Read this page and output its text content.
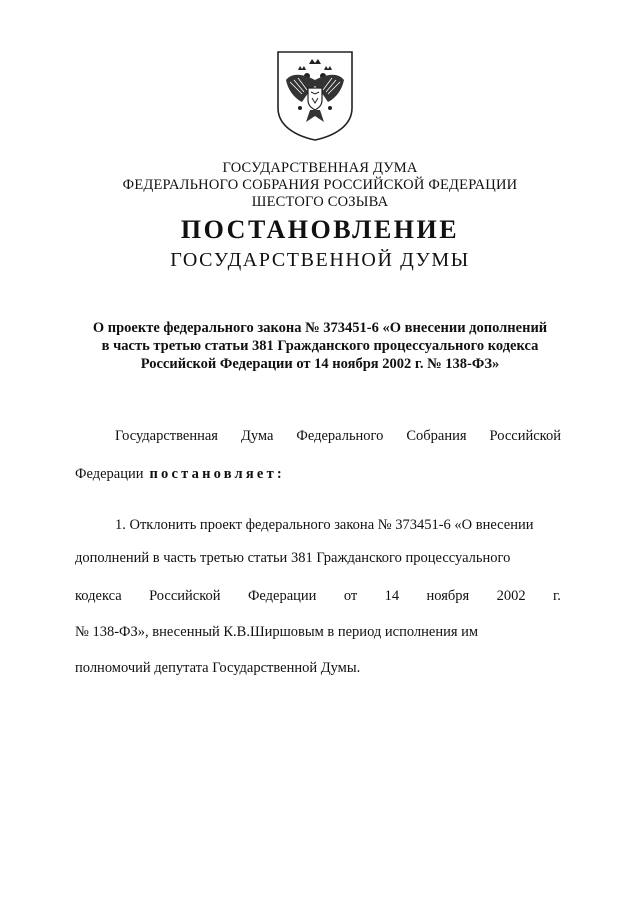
ГОСУДАРСТВЕННАЯ ДУМА
ФЕДЕРАЛЬНОГО СОБРАНИЯ РОССИЙСКОЙ ФЕДЕРАЦИИ
ШЕСТОГО СОЗЫВА
ПОСТАНОВЛЕНИЕ
ГОСУДАРСТВЕННОЙ ДУМЫ
О проекте федерального закона № 373451-6 «О внесении дополнений
в часть третью статьи 381 Гражданского процессуального кодекса
Российской Федерации от 14 ноября 2002 г. № 138-ФЗ»
Государственная Дума Федерального Собрания Российской
Федерации постановляет:
1. Отклонить проект федерального закона № 373451-6 «О внесении
дополнений в часть третью статьи 381 Гражданского процессуального
кодекса Российской Федерации от 14 ноября 2002 г.
№ 138-ФЗ», внесенный К.В.Ширшовым в период исполнения им
полномочий депутата Государственной Думы.
